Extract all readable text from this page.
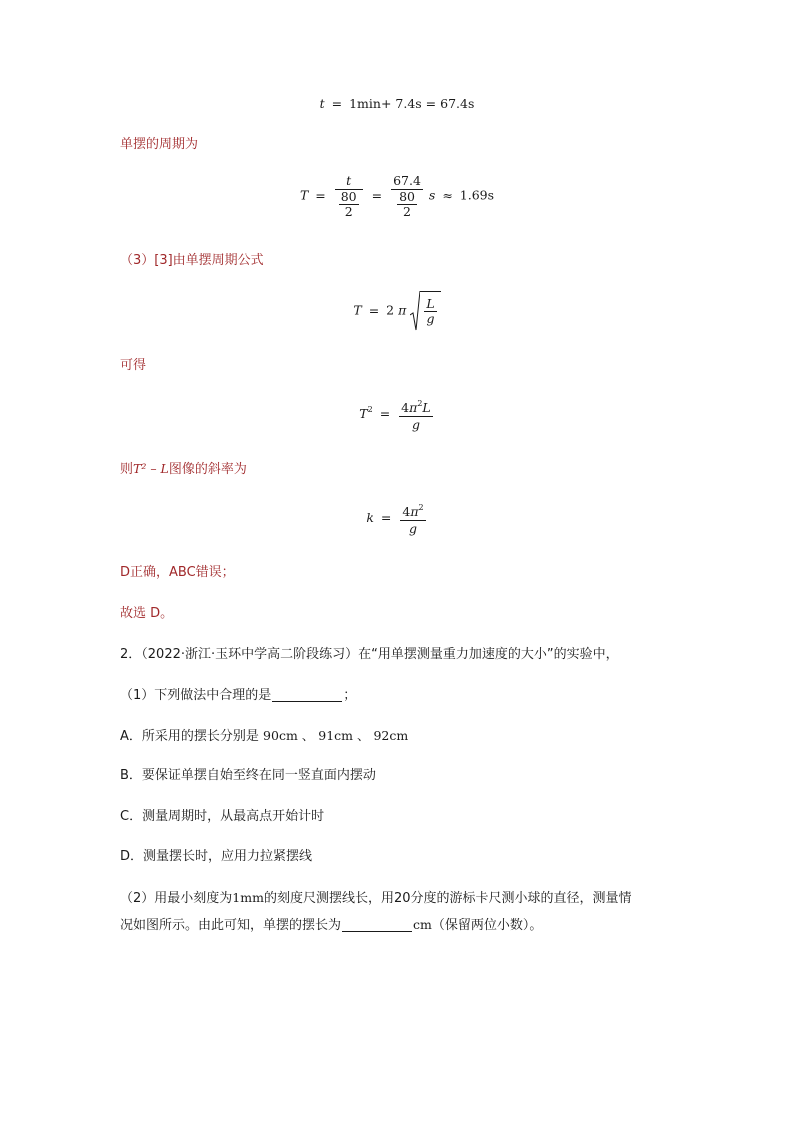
t = 1min+ 7.4s = 67.4s
单摆的周期为
$T = \frac{t}{\frac{80}{2}} = \frac{67.4}{\frac{80}{2}}$ s ≈ 1.69s
（3）[3]由单摆周期公式
T = 2 π $\frac{L}{g}$
可得
$T^2 = \frac{4\pi^2L}{g}$
则T² – L图像的斜率为
$k = \frac{4\pi^2}{g}$
D正确，ABC错误；
故选 D。
2．（2022·浙江·玉环中学高二阶段练习）在“用单摆测量重力加速度的大小”的实验中，
（1）下列做法中合理的是	；
A．所采用的摆长分别是 90cm 、 91cm 、 92cm
B．要保证单摆自始至终在同一竖直面内摆动
C．测量周期时，从最高点开始计时
D．测量摆长时，应用力拉紧摆线
（2）用最小刻度为1mm的刻度尺测摆线长，用20分度的游标卡尺测小球的直径，测量情
况如图所示。由此可知，单摆的摆长为	cm（保留两位小数）。
